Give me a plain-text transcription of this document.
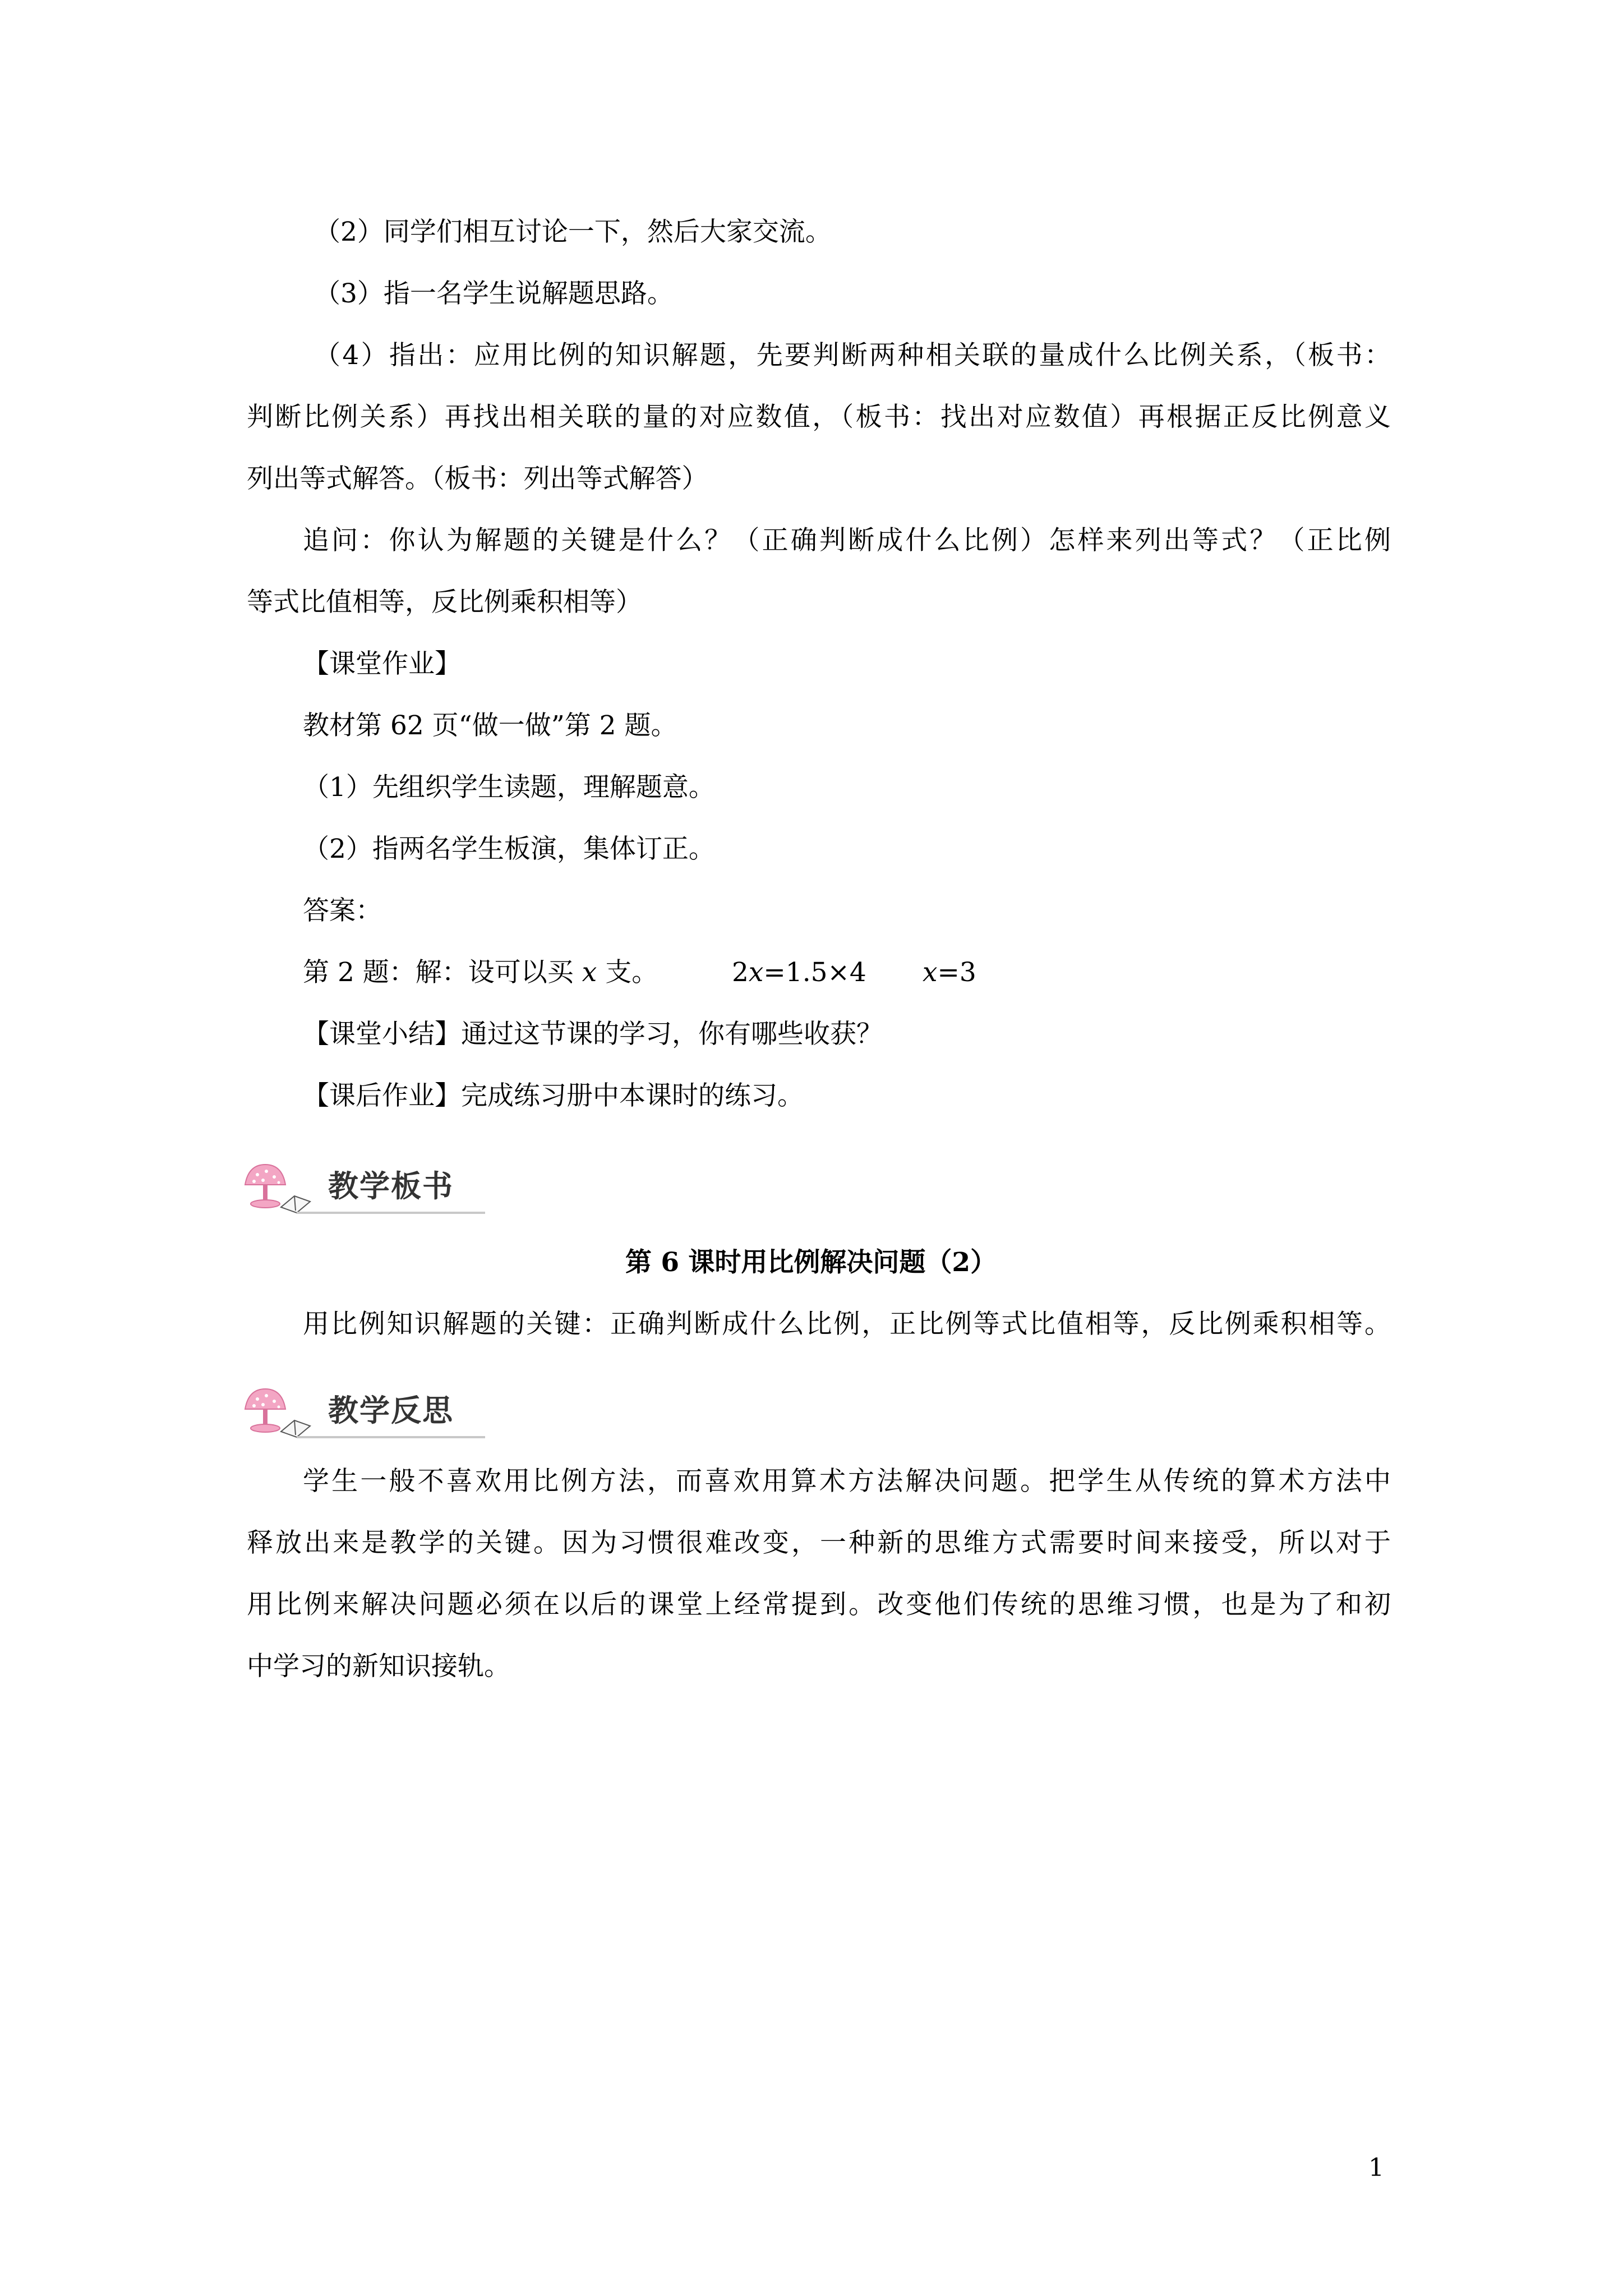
（2）同学们相互讨论一下，然后大家交流。

（3）指一名学生说解题思路。

（4）指出：应用比例的知识解题，先要判断两种相关联的量成什么比例关系，（板书：

判断比例关系）再找出相关联的量的对应数值，（板书：找出对应数值）再根据正反比例意义

列出等式解答。（板书：列出等式解答）

追问：你认为解题的关键是什么？（正确判断成什么比例）怎样来列出等式？（正比例

等式比值相等，反比例乘积相等）

【课堂作业】

教材第 62 页“做一做”第 2 题。

（1）先组织学生读题，理解题意。

（2）指两名学生板演，集体订正。

答案：

第 2 题：解：设可以买 x 支。	2x=1.5×4 x=3

【课堂小结】通过这节课的学习，你有哪些收获？

【课后作业】完成练习册中本课时的练习。

教学板书

第 6 课时用比例解决问题（2）

用比例知识解题的关键：正确判断成什么比例，正比例等式比值相等，反比例乘积相等。

教学反思

学生一般不喜欢用比例方法，而喜欢用算术方法解决问题。把学生从传统的算术方法中

释放出来是教学的关键。因为习惯很难改变，一种新的思维方式需要时间来接受，所以对于

用比例来解决问题必须在以后的课堂上经常提到。改变他们传统的思维习惯，也是为了和初

中学习的新知识接轨。

1
